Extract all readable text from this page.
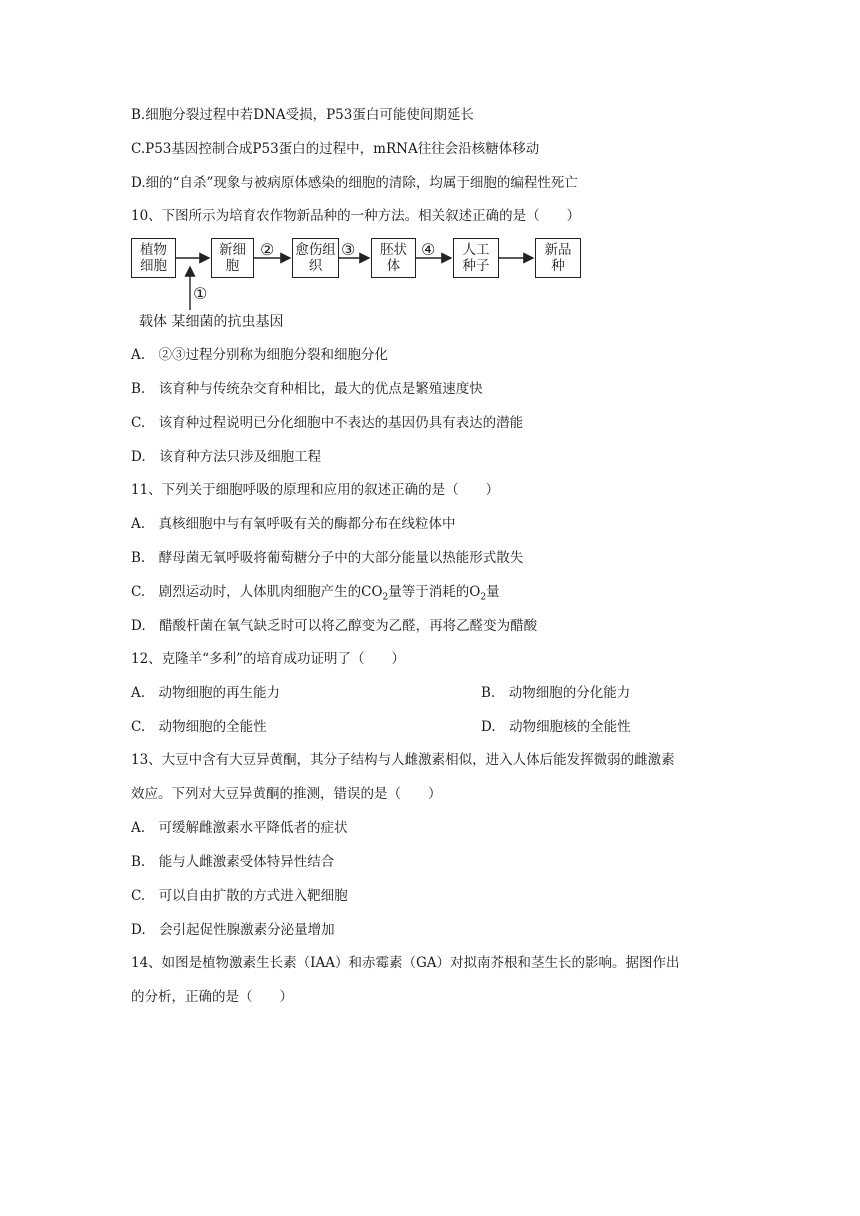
B.细胞分裂过程中若DNA受损，P53蛋白可能使间期延长
C.P53基因控制合成P53蛋白的过程中，mRNA往往会沿核糖体移动
D.细的“自杀”现象与被病原体感染的细胞的清除，均属于细胞的编程性死亡
10、下图所示为培育农作物新品种的一种方法。相关叙述正确的是（　　）
植物细胞
新细胞
愈伤组织
胚状体
人工种子
新品种
②	③	④
①
载体 某细菌的抗虫基因
A.　②③过程分别称为细胞分裂和细胞分化
B.　该育种与传统杂交育种相比，最大的优点是繁殖速度快
C.　该育种过程说明已分化细胞中不表达的基因仍具有表达的潜能
D.　该育种方法只涉及细胞工程
11、下列关于细胞呼吸的原理和应用的叙述正确的是（　　）
A.　真核细胞中与有氧呼吸有关的酶都分布在线粒体中
B.　酵母菌无氧呼吸将葡萄糖分子中的大部分能量以热能形式散失
C.　剧烈运动时，人体肌肉细胞产生的$CO_2$量等于消耗的$O_2$量
D.　醋酸杆菌在氧气缺乏时可以将乙醇变为乙醛，再将乙醛变为醋酸
12、克隆羊“多利”的培育成功证明了（　　）
A.　动物细胞的再生能力	B.　动物细胞的分化能力
C.　动物细胞的全能性	D.　动物细胞核的全能性
13、大豆中含有大豆异黄酮，其分子结构与人雌激素相似，进入人体后能发挥微弱的雌激素
效应。下列对大豆异黄酮的推测，错误的是（　　）
A.　可缓解雌激素水平降低者的症状
B.　能与人雌激素受体特异性结合
C.　可以自由扩散的方式进入靶细胞
D.　会引起促性腺激素分泌量增加
14、如图是植物激素生长素（IAA）和赤霉素（GA）对拟南芥根和茎生长的影响。据图作出
的分析，正确的是（　　）
